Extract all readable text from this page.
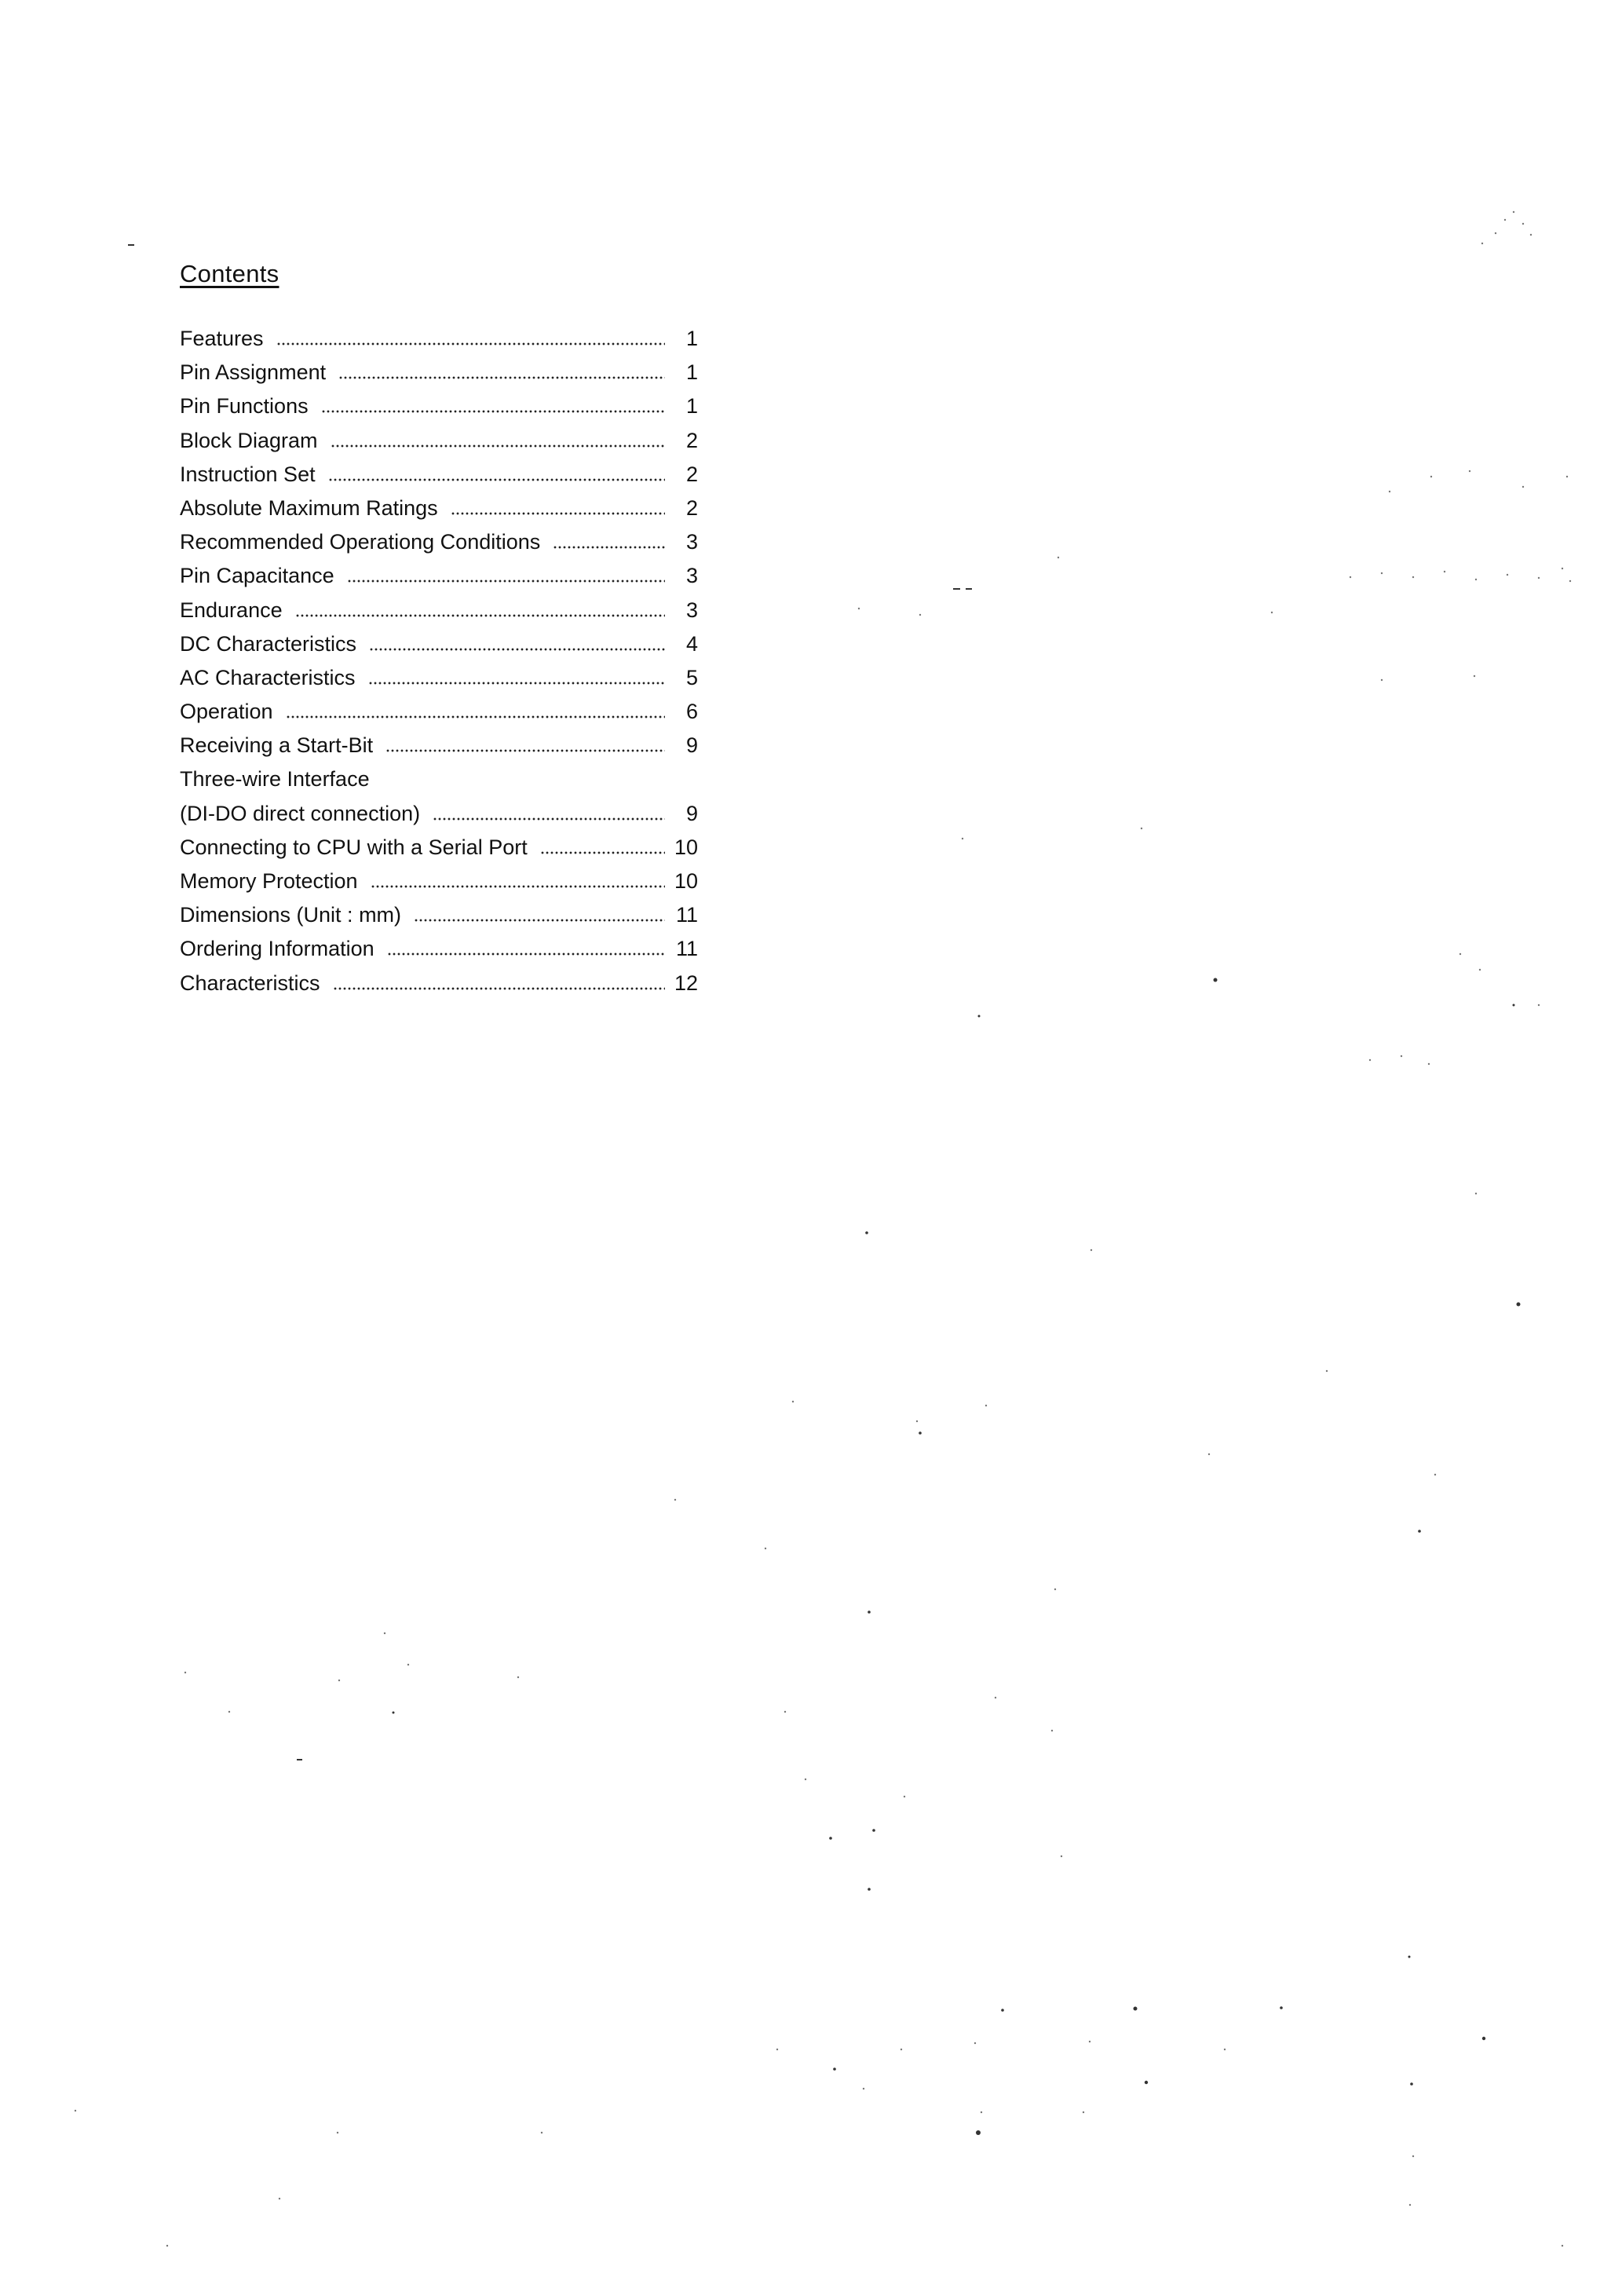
Contents
Features	1
Pin Assignment	1
Pin Functions	1
Block Diagram	2
Instruction Set	2
Absolute Maximum Ratings	2
Recommended Operationg Conditions	3
Pin Capacitance	3
Endurance	3
DC Characteristics	4
AC Characteristics	5
Operation	6
Receiving a Start-Bit	9
Three-wire Interface
(DI-DO direct connection)	9
Connecting to CPU with a Serial Port	10
Memory Protection	10
Dimensions (Unit : mm)	11
Ordering Information	11
Characteristics	12
